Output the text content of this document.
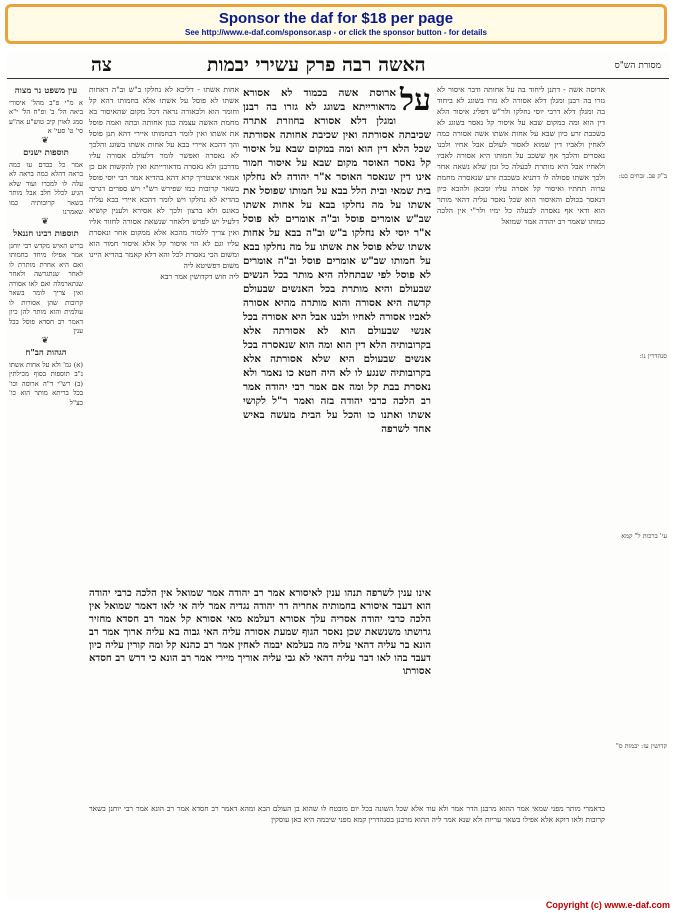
Sponsor the daf for $18 per page
See http://www.e-daf.com/sponsor.asp - or click the sponsor button - for details
צה	האשה רבה פרק עשירי יבמות	מסורת הש"ס
עין משפט נר מצוה

א מ"י פ"ב מהל' איסורי ביאה הל' ב' ופ"ח הל' י"א סמג לאוין קיב טוש"ע אה"ע סי' ט' סעי' א

❦
תוספות ישנים

אמר כל כבדם עו כמה בראה דהלא כמה בראה לא עלה לו למכרו ועוד שלא הגיע לכלל חלב אבל מותר בשאר קרובותיה כמו שאמרנו

❦
תוספות רבינו חננאל

בריש האיש מקדש רבי יוחנן אמר אפילו מיחד בחמותו ואם היא אחרת מותרת לו לאחר שנתגרשה ולאחר שנתארמלה ואם לאו אסורה ואין צריך לומר בשאר קרובות שהן אסורות לו עולמית והוא מותר להן כיון דאמר רב חסדא פוסל בכל ענין

❦
הגהות הב"ח

(א) גמ' ולא על אחות אשתו נ"ב תוספות בסוף מכילתין (ב) רש"י ד"ה ארוסה וכו' בכל בריתא מותר הוא כו' כצ"ל

אחות אשתו - דליכא לא נחלקו ב"ש וב"ה דאחות אשתו לא פוסל על אשתו אלא בחמותו דהא קל וחומר הוא ולכאורה נראה דכל מקום שהאיסור בא מחמת האשה עצמה כגון אחותה ובתה ואמה פוסל את אשתו ואין לומר דבחמותו איירי דהא תנן פוסל והך דהכא איירי בבא על אחות אשתו בשוגג והלכך לא נאסרה ואפשר לומר דלעולם אסורה עליו מדרבנן ולא נאסרה מדאורייתא ואין להקשות אם כן אמאי איצטריך קרא דהא בהדיא אמר רבי יוסי פוסל בשאר קרובות כמו שפירש רש"י ויש ספרים דגרסי בהדיא לא נחלקו ויש לומר דהכא איירי בבא עליה באונס ולא ברצון ולכך לא אסירא ולענין קושיא דלעיל יש לפרש דלאחר שנשאת אסורה לחזור אליו ואין צריך ללמוד מהכא אלא ממקום אחר ונאסרת עליו וגם לא הוי איסור קל אלא איסור חמור הוא ומשום הכי נאסרת לכל והא דלא קאמר בהדיא היינו משום דפשיטא ליה

ליה חוש דקדושין אמר רבא

על

ארוסת אשה בכמוד לא אסורא מדאורייתא בשוגג לא גזרו בה רבנן ומגלן דלא אסורא בחוזרת אתרה שכיבתה אסורתה ואין שכיבת אחותה אסורתה שכל הלא דין הוא ומה במקום שבא על איסור קל נאסר האוסר מקום שבא על איסור חמור אינו דין שנאסר האוסר א"ר יהודה לא נחלקו בית שמאי ובית הלל בבא על חמותו שפוסל את אשתו על מה נחלקו בבא על אחות אשתו שב"ש אומרים פוסל וב"ה אומרים לא פוסל א"ר יוסי לא נחלקו ב"ש וב"ה בבא על אחות אשתו שלא פוסל את אשתו על מה נחלקו בבא על חמותו שב"ש אומרים פוסל וב"ה אומרים לא פוסל לפי שבתחלה היא מותר בכל הנשים שבעולם והיא מותרת בכל האנשים שבעולם קדשה היא אסורה והוא מותרה מהיא אסורה לאביו אסורה לאחיו ולבנו אבל היא אסורה בכל אנשי שבעולם הוא לא אסורתה אלא בקרובותיה הלא דין הוא ומה הוא שנאסרה בכל אנשים שבעולם היא שלא אסורתה אלא בקרובותיה שנגע לו לא היה חטא כו נאמר ולא נאסרת בבת קל ומה אם אמר רבי יהודה אמר רב הלכה כרבי יהודה בזה ואמר ר"ל לקושי אשתו ואתנו כו והכל על הבית מעשה באיש אחד לשרפה

ארוסה אשה - דתנן ליחוד בה על אחותה ודבר איסור לא גזרו בה רבנן ומגלן דלא אסורה לא גזרו בשוגג לא ביחוד בה ומגלן דלא דרבי יוסי נחלקו ולר"ש דפליג איסור הלא דין הוא ומה במקום שבא על איסור קל נאסר בשוגג לא בשכבת זרע כיון שבא על אחות אשתו אשה אסורה כמה לאחין ולאביו דין שמוא לאסור לעולם אבל אחיו ולבנו נאסרים והלכך אף ששכב על חמותו היא אסורה לאביו ולאחיו אבל היא מותרת לבעלה כל זמן שלא נשאה אחר ולכך אשתו פסולה לו דתניא בשכבת זרע שנאסרה מחמת ערוה תחתיו ואיסור קל אסרה עליו ומכאן ולהבא כיון דנאסר בכולם והאיסור הוא שכל נאסר עליה דהאי מותר הוא ודאי אף נאסרה לבעלה כל ימיו ולר"י אין הלכה כמותו שאמר רב יהודה אמר שמואל

ב"ק פב. זבחים כט:
סנהדרין נו:
עי' ברכות ל" קמא
קדושין עז: יבמות ס"

אינו ענין לשרפה תנהו ענין לאיסורא אמר רב יהודה אמר שמואל אין הלכה כרבי יהודה הוא דעבד איסורא בחמותיה אחריה דר יהודה נגדיה אמר ליה אי לאו דאמר שמואל אין הלכה כרבי יהודה אסריה עלך אסורא דעלמא מאי אסורא קל אמר רב חסדא מחזיר גרושתו משנשאת שכן נאסר הגוף שמעת אסורה עליה האי גבוה בא עליה ארוך אמר רב הונא בר עליה דהאי עליה מה בעלמא יבמה לאחין אמר רב כהנא קל ומה קורין עליה כיון דעבד בהו לאו דבר עליה דהאי לא גבי עליה אוריך מיירי אמר רב הונא כי דרש רב חסדא אסורתו

כדאמרי מותר מפני שמאי אמר ההוא מרבנן הדר אמר ולא עוד אלא שכל השונה בכל יום מובטח לו שהוא בן העולם הבא ומהא דאמר רב חסדא אמר רב הונא אמר רבי יוחנן בשאר קרובות ולאו דוקא אלא אפילו בשאר עריות ולא שנא אמר ליה ההוא מרבנן בסנהדרין קמא מפני שיבמה היא כאן עוסקין

Copyright (c) www.e-daf.com
